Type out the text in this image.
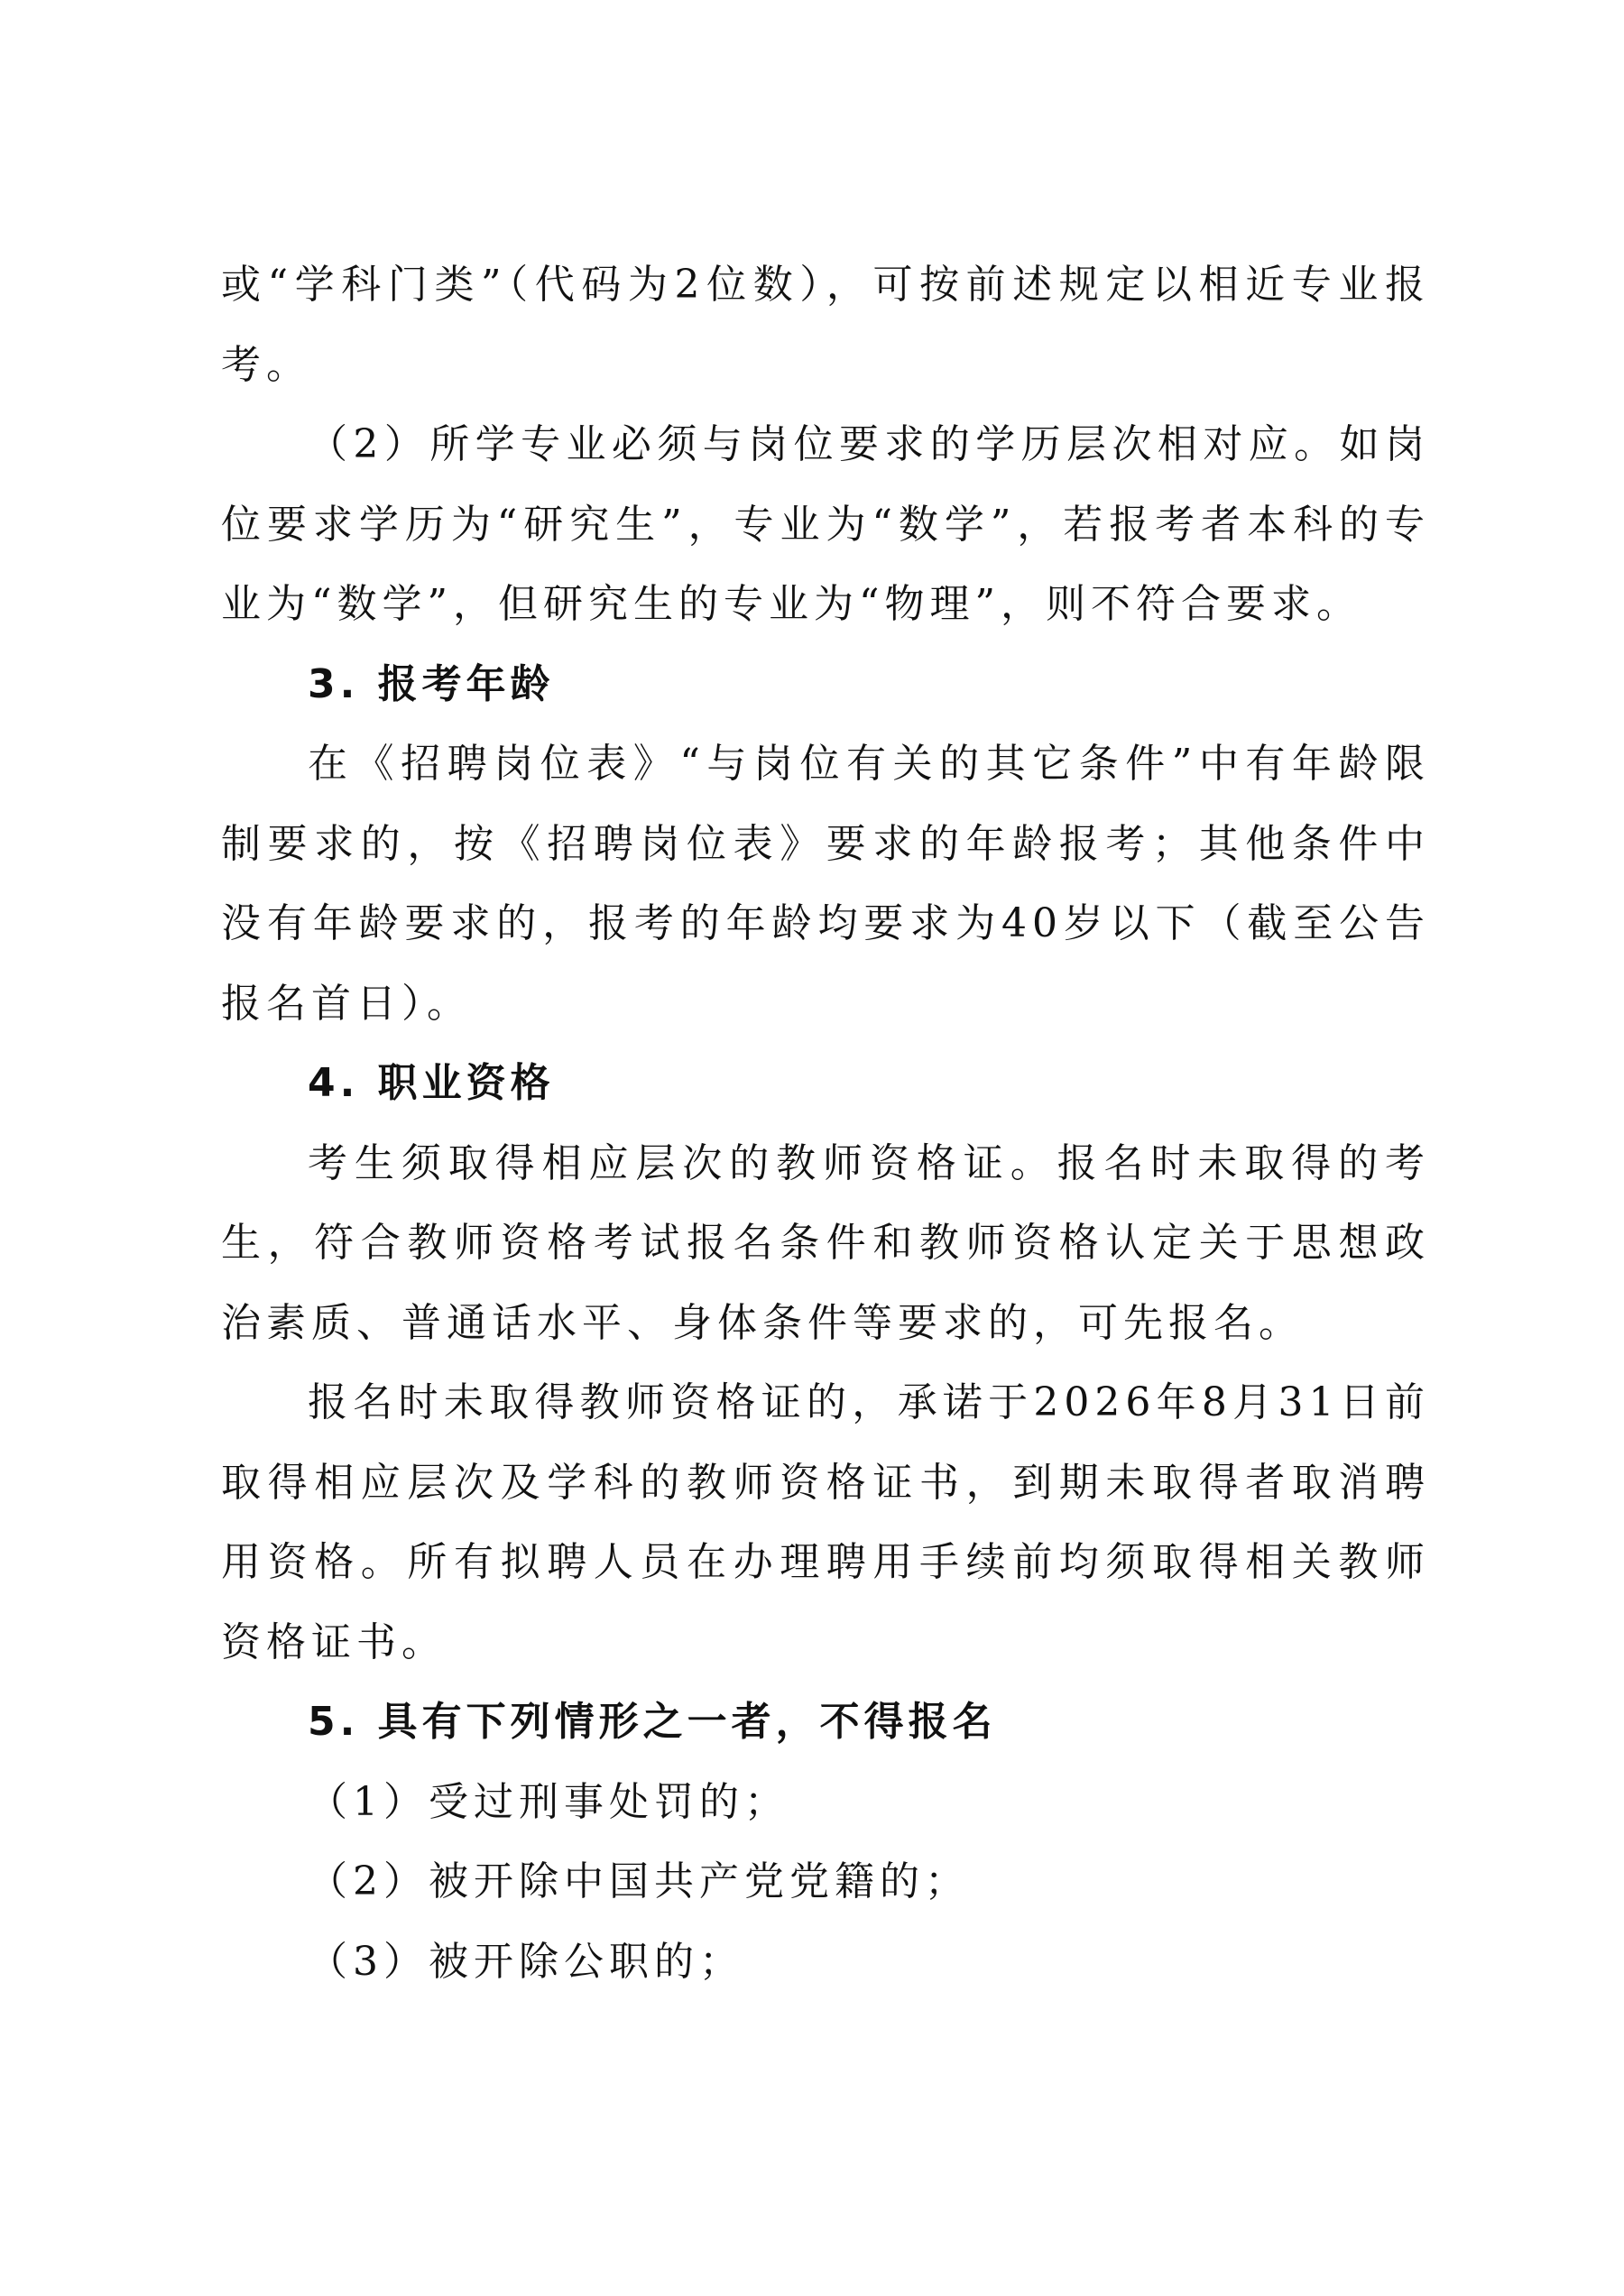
或“学科门类”（代码为2位数），可按前述规定以相近专业报考。

（2）所学专业必须与岗位要求的学历层次相对应。如岗位要求学历为“研究生”，专业为“数学”，若报考者本科的专业为“数学”，但研究生的专业为“物理”，则不符合要求。

3. 报考年龄

在《招聘岗位表》“与岗位有关的其它条件”中有年龄限制要求的，按《招聘岗位表》要求的年龄报考；其他条件中没有年龄要求的，报考的年龄均要求为40岁以下（截至公告报名首日）。

4. 职业资格

考生须取得相应层次的教师资格证。报名时未取得的考生，符合教师资格考试报名条件和教师资格认定关于思想政治素质、普通话水平、身体条件等要求的，可先报名。

报名时未取得教师资格证的，承诺于2026年8月31日前取得相应层次及学科的教师资格证书，到期未取得者取消聘用资格。所有拟聘人员在办理聘用手续前均须取得相关教师资格证书。

5. 具有下列情形之一者，不得报名

（1）受过刑事处罚的；

（2）被开除中国共产党党籍的；

（3）被开除公职的；
